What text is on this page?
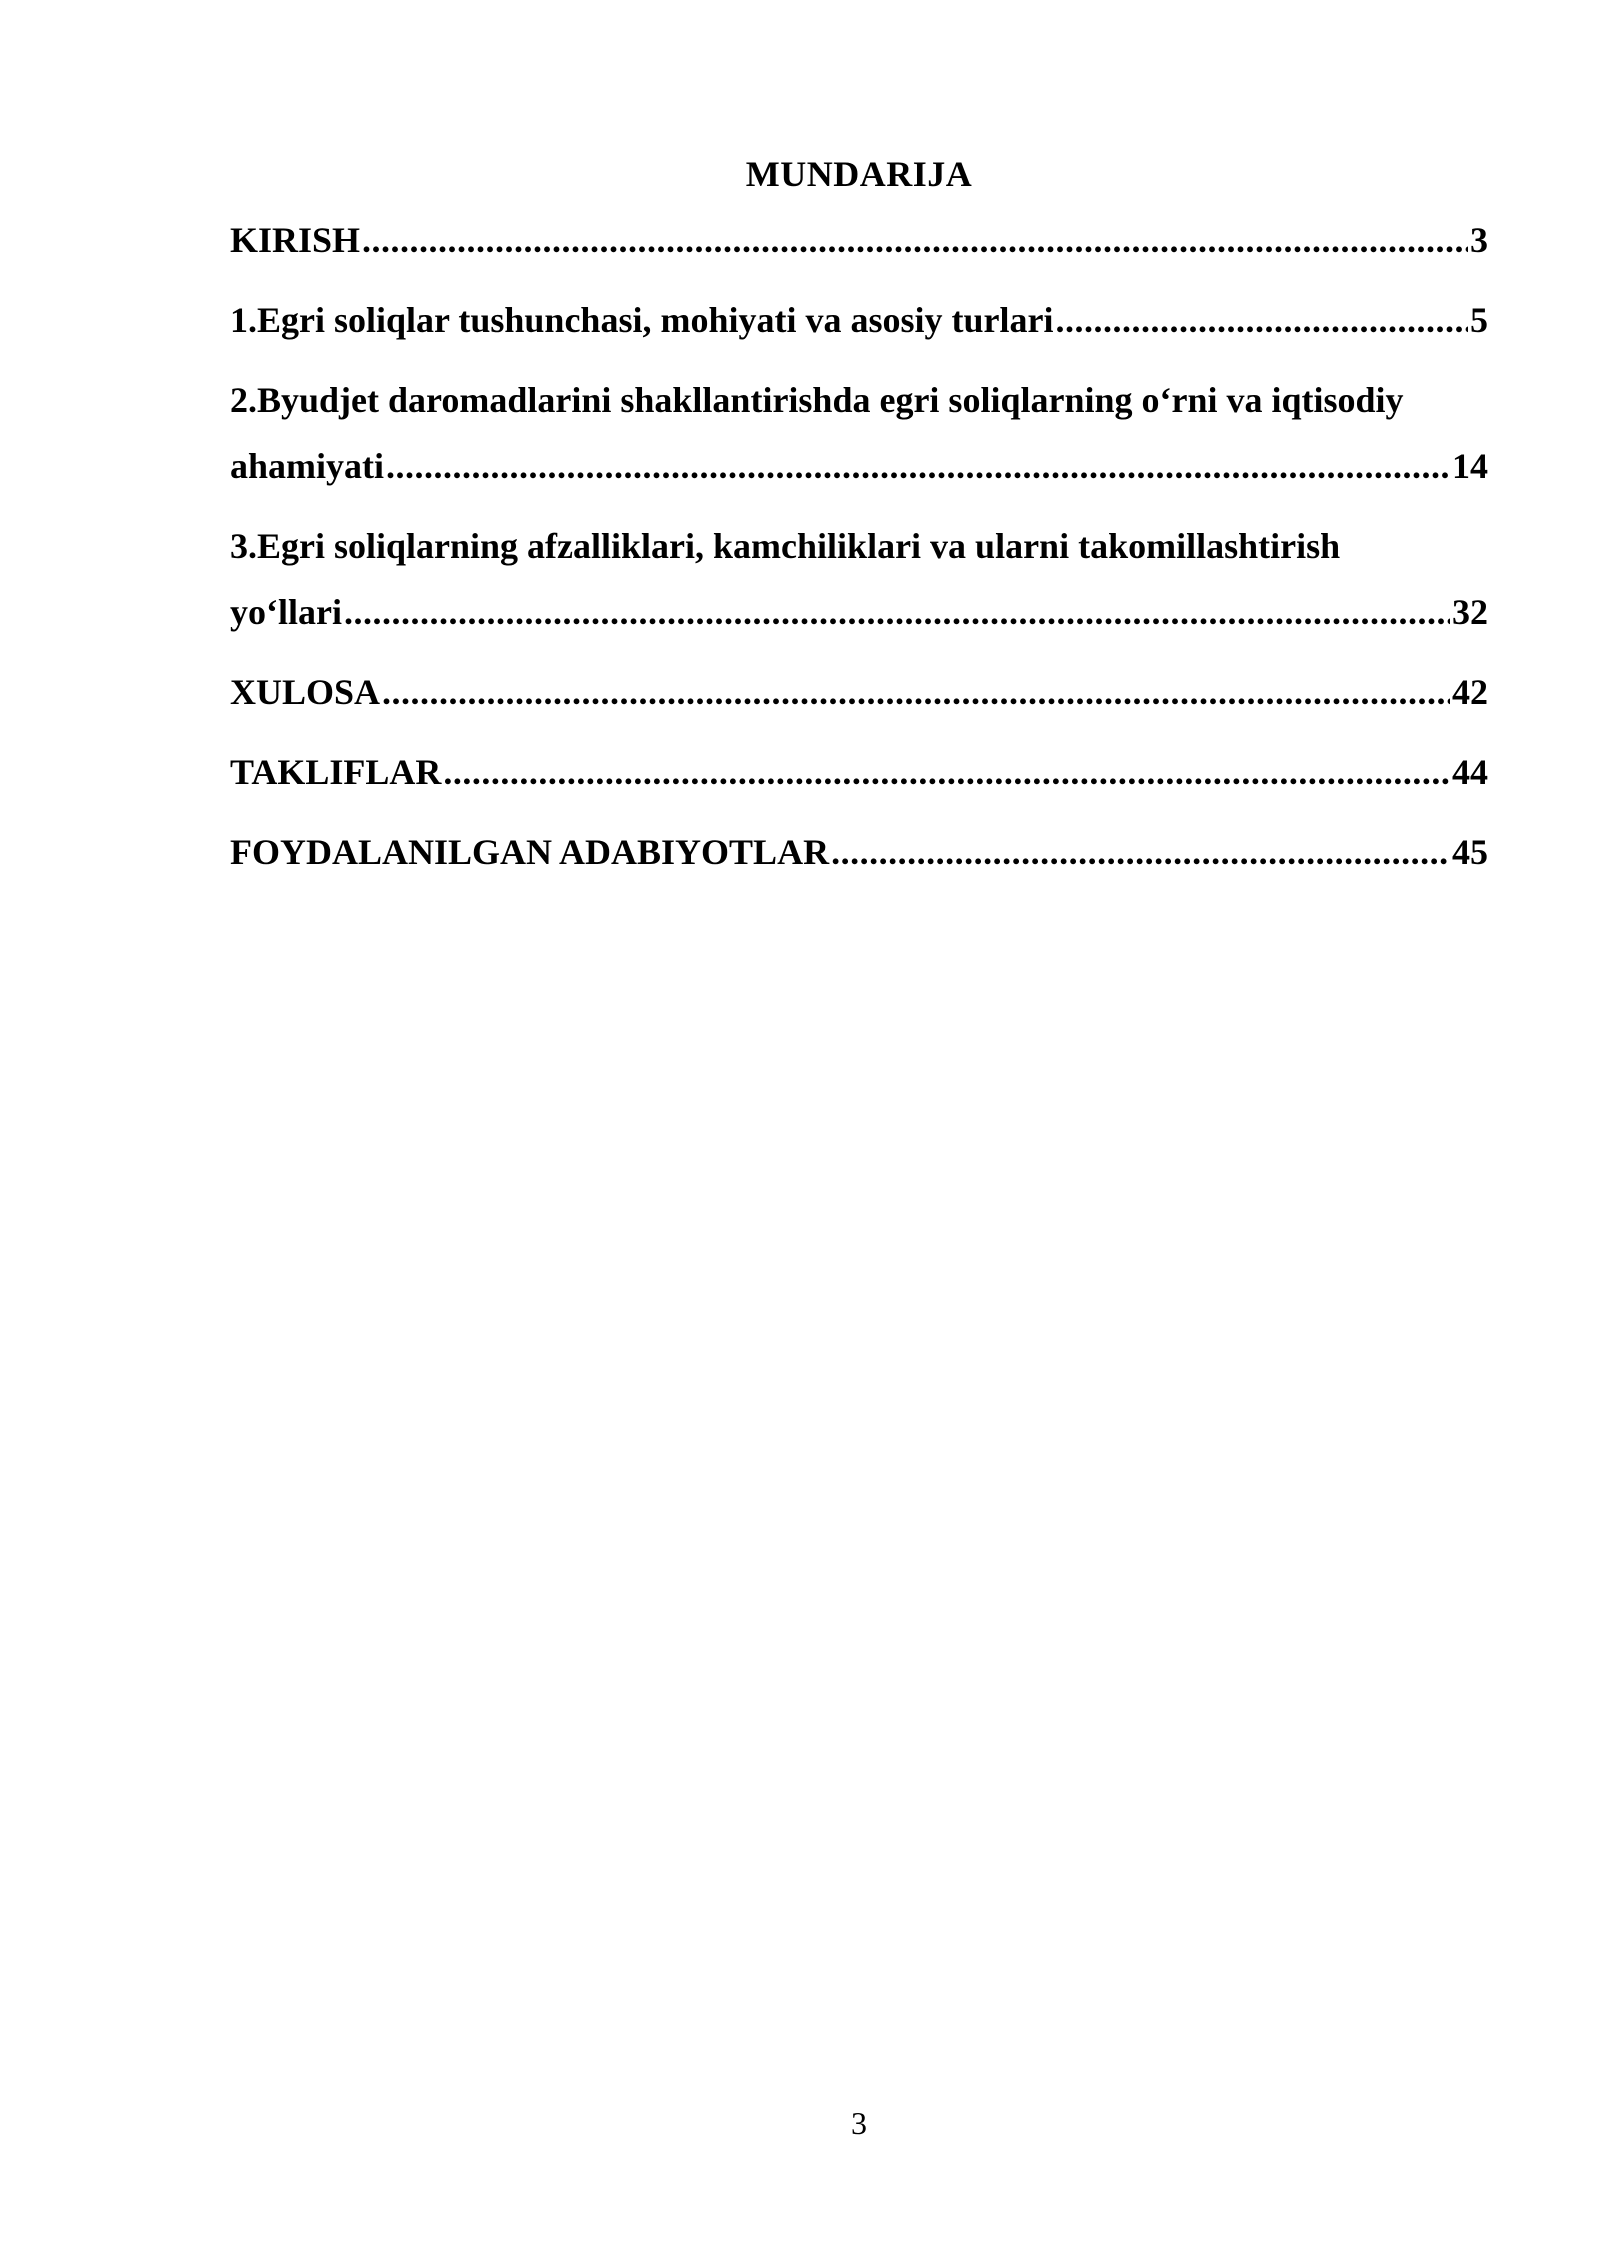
MUNDARIJA
KIRISH .....	3
1.Egri soliqlar tushunchasi, mohiyati va asosiy turlari .....	5
2.Byudjet daromadlarini shakllantirishda egri soliqlarning o‘rni va iqtisodiy
ahamiyati .....	14
3.Egri soliqlarning afzalliklari, kamchiliklari va ularni takomillashtirish
yo‘llari .....	32
XULOSA .....	42
TAKLIFLAR .....	44
FOYDALANILGAN ADABIYOTLAR .....	45
3
